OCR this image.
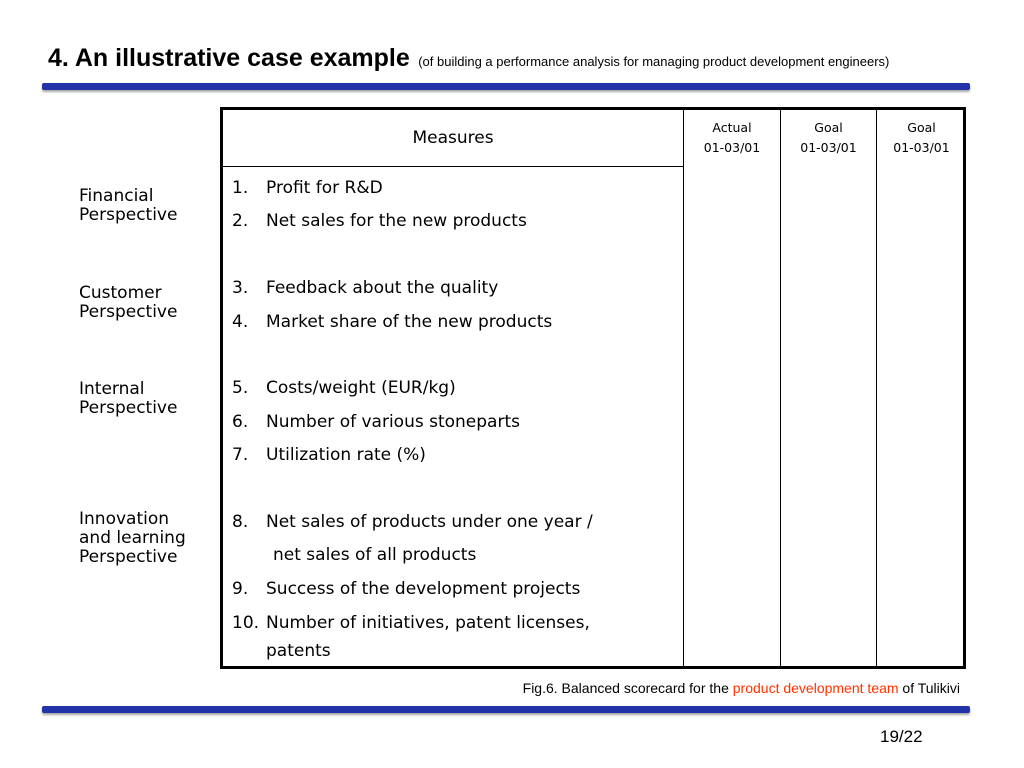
4. An illustrative case example (of building a performance analysis for managing product development engineers)
Financial
Perspective
Customer
Perspective
Internal
Perspective
Innovation
and learning
Perspective
Measures
Actual
01-03/01
Goal
01-03/01
Goal
01-03/01
1. Profit for R&D
2. Net sales for the new products
3. Feedback about the quality
4. Market share of the new products
5. Costs/weight (EUR/kg)
6. Number of various stoneparts
7. Utilization rate (%)
8. Net sales of products under one year /
net sales of all products
9. Success of the development projects
10. Number of initiatives, patent licenses,
patents
Fig.6. Balanced scorecard for the product development team of Tulikivi
19/22
